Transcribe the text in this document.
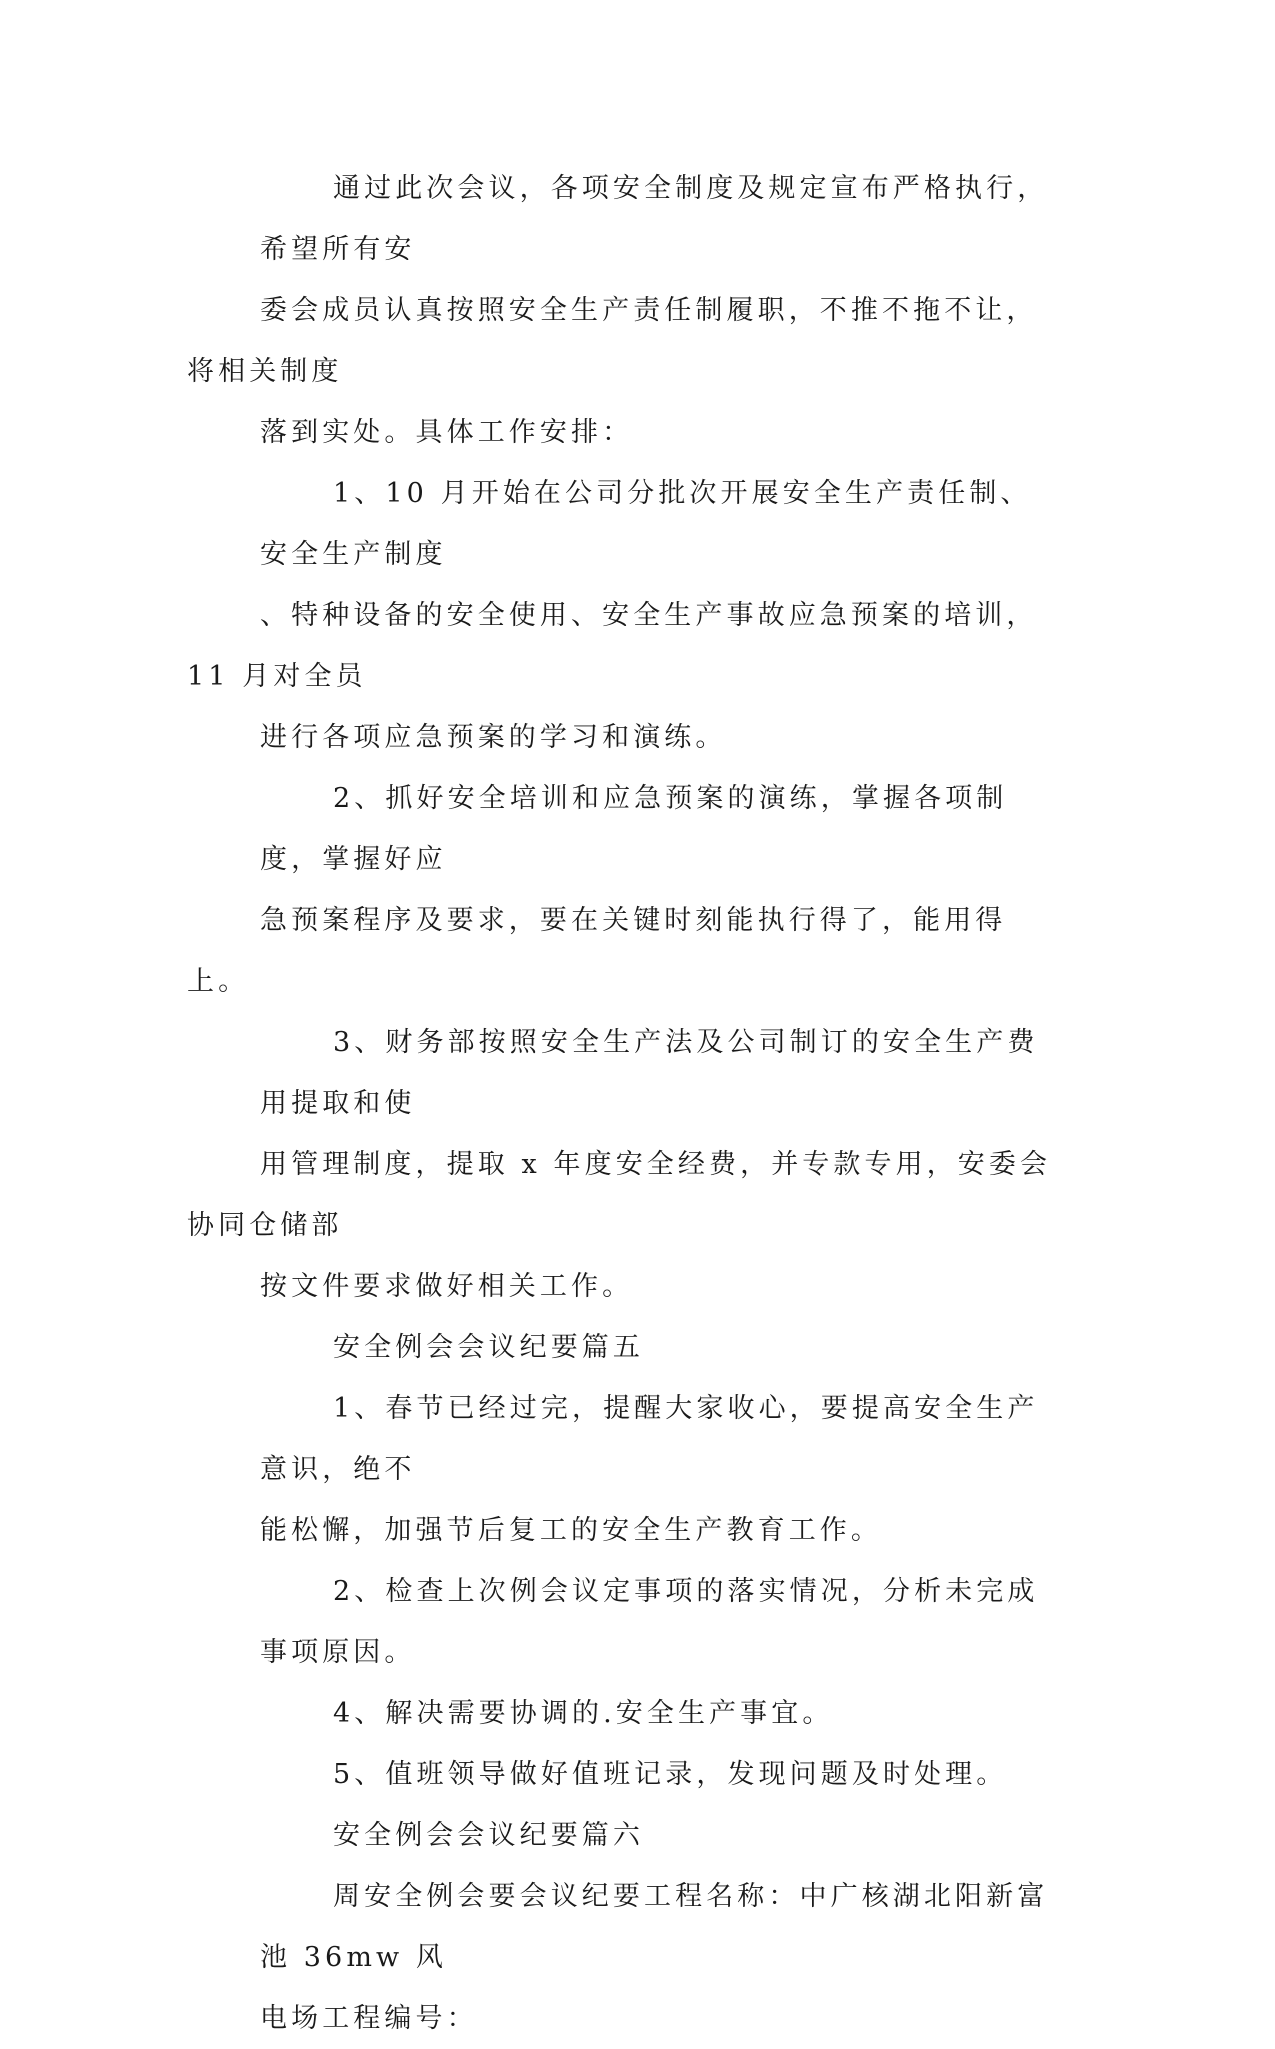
通过此次会议，各项安全制度及规定宣布严格执行，希望所有安
委会成员认真按照安全生产责任制履职，不推不拖不让，将相关制度
落到实处。具体工作安排：
1、10 月开始在公司分批次开展安全生产责任制、安全生产制度
、特种设备的安全使用、安全生产事故应急预案的培训，11 月对全员
进行各项应急预案的学习和演练。
2、抓好安全培训和应急预案的演练，掌握各项制度，掌握好应
急预案程序及要求，要在关键时刻能执行得了，能用得上。
3、财务部按照安全生产法及公司制订的安全生产费用提取和使
用管理制度，提取 x 年度安全经费，并专款专用，安委会协同仓储部
按文件要求做好相关工作。
安全例会会议纪要篇五
1、春节已经过完，提醒大家收心，要提高安全生产意识，绝不
能松懈，加强节后复工的安全生产教育工作。
2、检查上次例会议定事项的落实情况，分析未完成事项原因。
4、解决需要协调的.安全生产事宜。
5、值班领导做好值班记录，发现问题及时处理。
安全例会会议纪要篇六
周安全例会要会议纪要工程名称：中广核湖北阳新富池 36mw 风
电场工程编号：
